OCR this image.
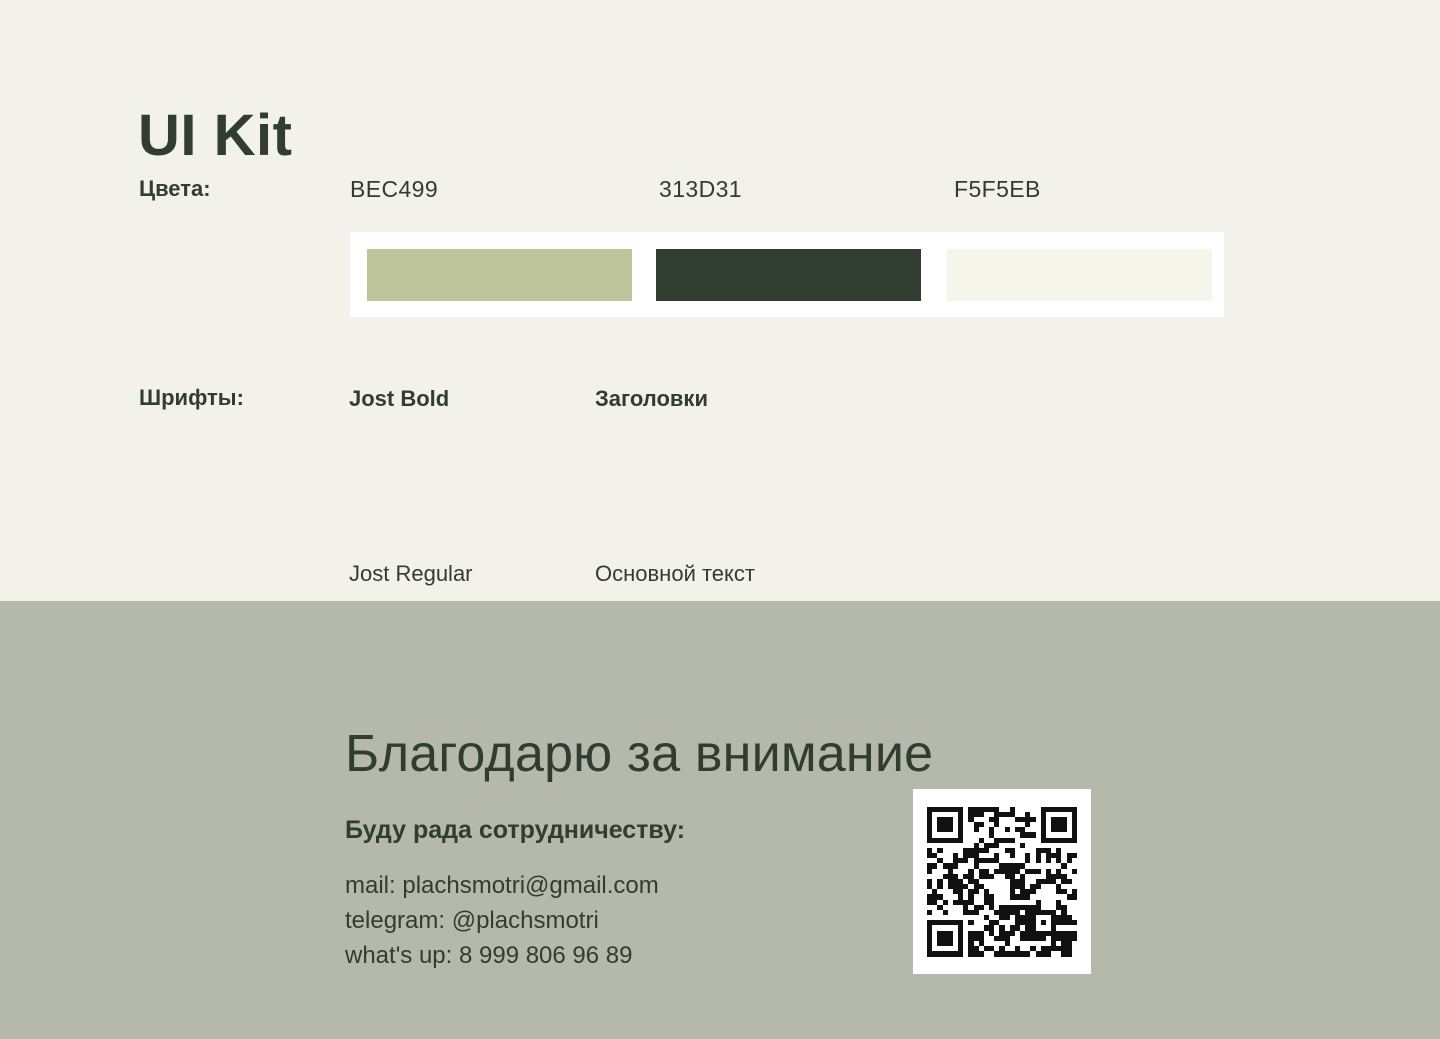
UI Kit
Цвета:	BEC499	313D31	F5F5EB
Шрифты:	Jost Bold	Заголовки
Jost Regular	Основной текст
Благодарю за внимание
Буду рада сотрудничеству:
mail: plachsmotri@gmail.com
telegram: @plachsmotri
what's up: 8 999 806 96 89
